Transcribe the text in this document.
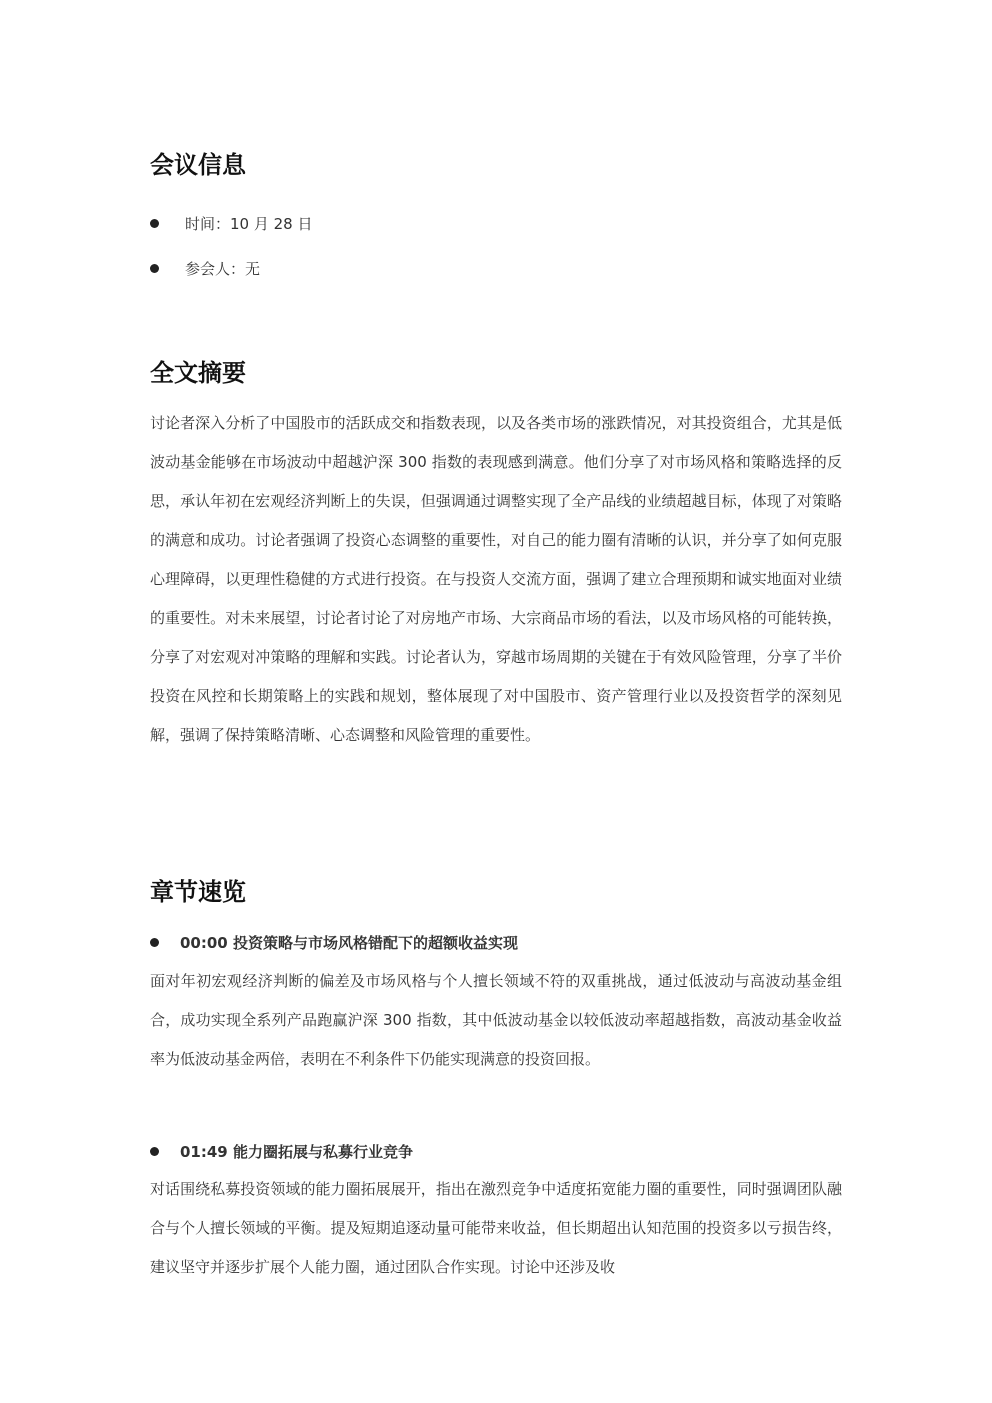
会议信息
时间：10 月 28 日
参会人：无
全文摘要

讨论者深入分析了中国股市的活跃成交和指数表现，以及各类市场的涨跌情况，对其投资组合，尤其是低波动基金能够在市场波动中超越沪深 300 指数的表现感到满意。他们分享了对市场风格和策略选择的反思，承认年初在宏观经济判断上的失误，但强调通过调整实现了全产品线的业绩超越目标，体现了对策略的满意和成功。讨论者强调了投资心态调整的重要性，对自己的能力圈有清晰的认识，并分享了如何克服心理障碍，以更理性稳健的方式进行投资。在与投资人交流方面，强调了建立合理预期和诚实地面对业绩的重要性。对未来展望，讨论者讨论了对房地产市场、大宗商品市场的看法，以及市场风格的可能转换，分享了对宏观对冲策略的理解和实践。讨论者认为，穿越市场周期的关键在于有效风险管理，分享了半价投资在风控和长期策略上的实践和规划，整体展现了对中国股市、资产管理行业以及投资哲学的深刻见解，强调了保持策略清晰、心态调整和风险管理的重要性。

章节速览
00:00 投资策略与市场风格错配下的超额收益实现

面对年初宏观经济判断的偏差及市场风格与个人擅长领域不符的双重挑战，通过低波动与高波动基金组合，成功实现全系列产品跑赢沪深 300 指数，其中低波动基金以较低波动率超越指数，高波动基金收益率为低波动基金两倍，表明在不利条件下仍能实现满意的投资回报。

01:49 能力圈拓展与私募行业竞争

对话围绕私募投资领域的能力圈拓展展开，指出在激烈竞争中适度拓宽能力圈的重要性，同时强调团队融合与个人擅长领域的平衡。提及短期追逐动量可能带来收益，但长期超出认知范围的投资多以亏损告终，建议坚守并逐步扩展个人能力圈，通过团队合作实现。讨论中还涉及收
